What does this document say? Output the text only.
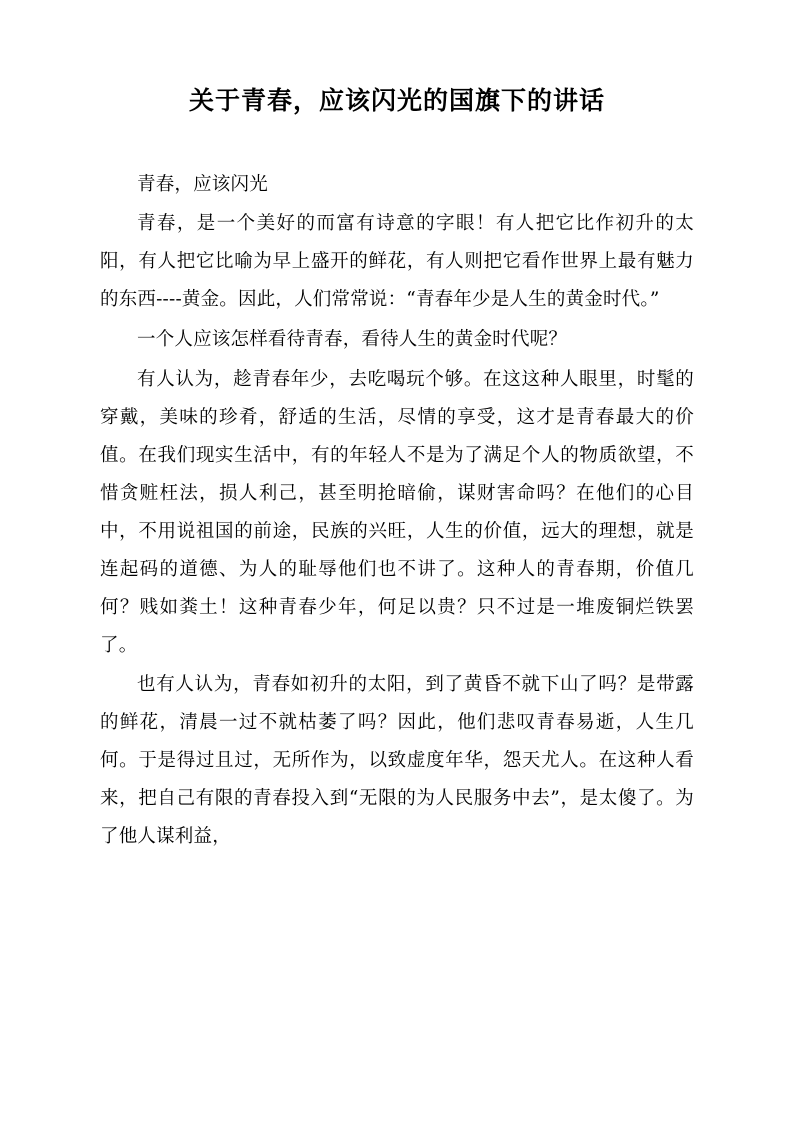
关于青春，应该闪光的国旗下的讲话

青春，应该闪光

青春，是一个美好的而富有诗意的字眼！有人把它比作初升的太阳，有人把它比喻为早上盛开的鲜花，有人则把它看作世界上最有魅力的东西----黄金。因此，人们常常说：“青春年少是人生的黄金时代。”

一个人应该怎样看待青春，看待人生的黄金时代呢？

有人认为，趁青春年少，去吃喝玩个够。在这这种人眼里，时髦的穿戴，美味的珍肴，舒适的生活，尽情的享受，这才是青春最大的价值。在我们现实生活中，有的年轻人不是为了满足个人的物质欲望，不惜贪赃枉法，损人利己，甚至明抢暗偷，谋财害命吗？在他们的心目中，不用说祖国的前途，民族的兴旺，人生的价值，远大的理想，就是连起码的道德、为人的耻辱他们也不讲了。这种人的青春期，价值几何？贱如粪土！这种青春少年，何足以贵？只不过是一堆废铜烂铁罢了。

也有人认为，青春如初升的太阳，到了黄昏不就下山了吗？是带露的鲜花，清晨一过不就枯萎了吗？因此，他们悲叹青春易逝，人生几何。于是得过且过，无所作为，以致虚度年华，怨天尤人。在这种人看来，把自己有限的青春投入到“无限的为人民服务中去”，是太傻了。为了他人谋利益，
